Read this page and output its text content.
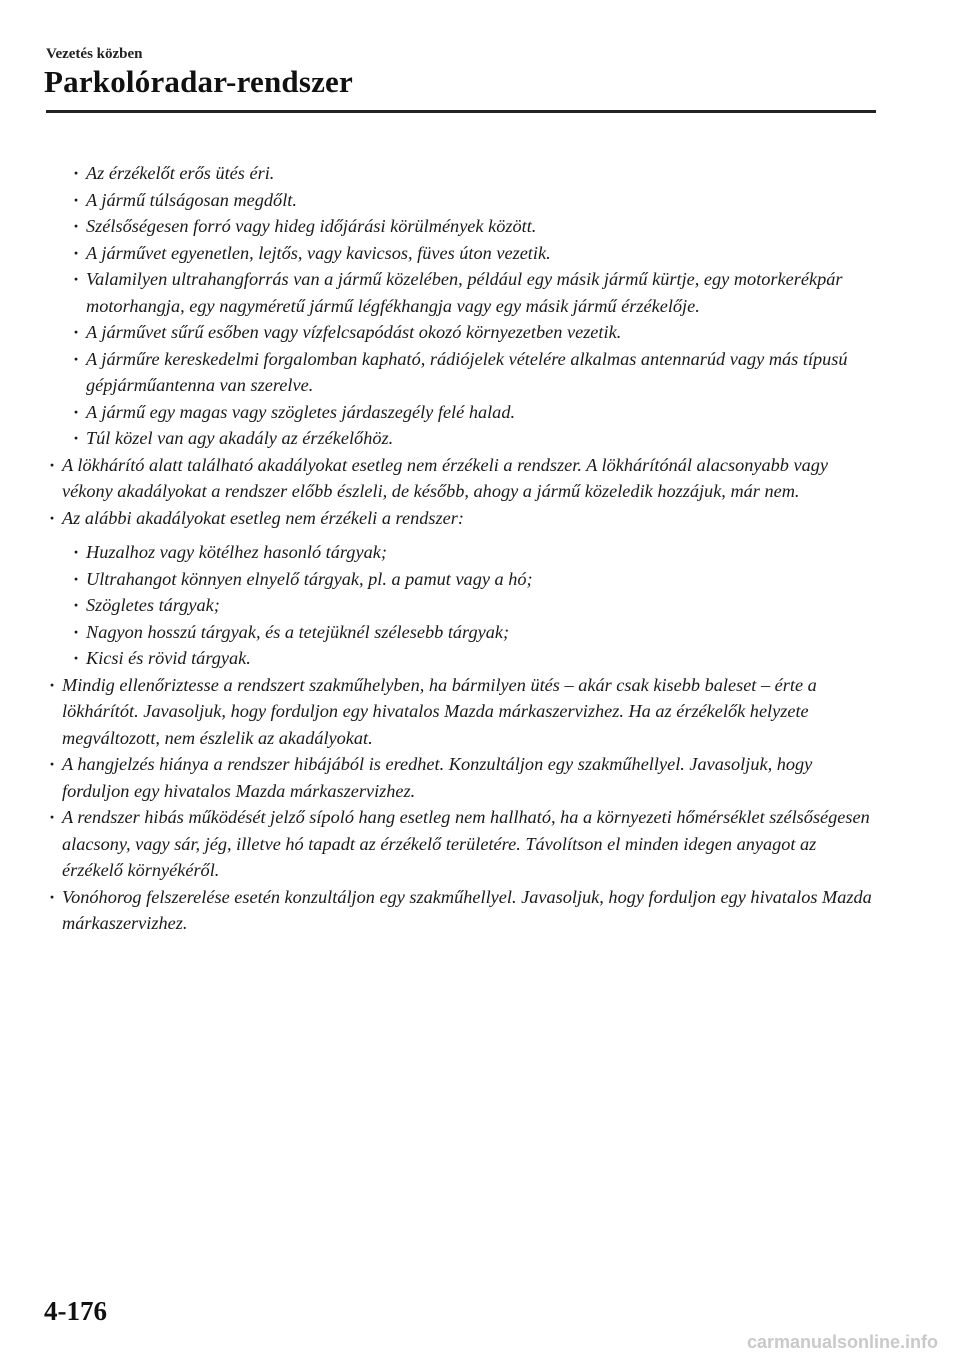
Vezetés közben
Parkolóradar-rendszer
· Az érzékelőt erős ütés éri.
· A jármű túlságosan megdőlt.
· Szélsőségesen forró vagy hideg időjárási körülmények között.
· A járművet egyenetlen, lejtős, vagy kavicsos, füves úton vezetik.
· Valamilyen ultrahangforrás van a jármű közelében, például egy másik jármű kürtje, egy motorkerékpár motorhangja, egy nagyméretű jármű légfékhangja vagy egy másik jármű érzékelője.
· A járművet sűrű esőben vagy vízfelcsapódást okozó környezetben vezetik.
· A járműre kereskedelmi forgalomban kapható, rádiójelek vételére alkalmas antennarúd vagy más típusú gépjárműantenna van szerelve.
· A jármű egy magas vagy szögletes járdaszegély felé halad.
· Túl közel van agy akadály az érzékelőhöz.
· A lökhárító alatt található akadályokat esetleg nem érzékeli a rendszer. A lökhárítónál alacsonyabb vagy vékony akadályokat a rendszer előbb észleli, de később, ahogy a jármű közeledik hozzájuk, már nem.
· Az alábbi akadályokat esetleg nem érzékeli a rendszer:
· Huzalhoz vagy kötélhez hasonló tárgyak;
· Ultrahangot könnyen elnyelő tárgyak, pl. a pamut vagy a hó;
· Szögletes tárgyak;
· Nagyon hosszú tárgyak, és a tetejüknél szélesebb tárgyak;
· Kicsi és rövid tárgyak.
· Mindig ellenőriztesse a rendszert szakműhelyben, ha bármilyen ütés – akár csak kisebb baleset – érte a lökhárítót. Javasoljuk, hogy forduljon egy hivatalos Mazda márkaszervizhez. Ha az érzékelők helyzete megváltozott, nem észlelik az akadályokat.
· A hangjelzés hiánya a rendszer hibájából is eredhet. Konzultáljon egy szakműhellyel. Javasoljuk, hogy forduljon egy hivatalos Mazda márkaszervizhez.
· A rendszer hibás működését jelző sípoló hang esetleg nem hallható, ha a környezeti hőmérséklet szélsőségesen alacsony, vagy sár, jég, illetve hó tapadt az érzékelő területére. Távolítson el minden idegen anyagot az érzékelő környékéről.
· Vonóhorog felszerelése esetén konzultáljon egy szakműhellyel. Javasoljuk, hogy forduljon egy hivatalos Mazda márkaszervizhez.
4-176
carmanualsonline.info
